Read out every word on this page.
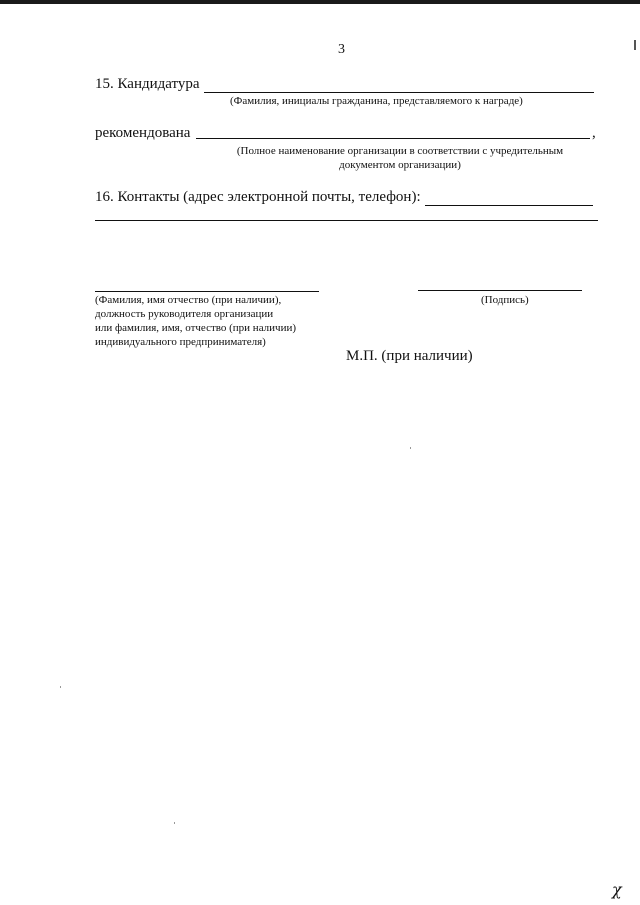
3
15. Кандидатура
(Фамилия, инициалы гражданина, представляемого к награде)
рекомендована	,
(Полное наименование организации в соответствии с учредительным
документом организации)
16. Контакты (адрес электронной почты, телефон):
(Фамилия, имя отчество (при наличии),
должность руководителя организации
или фамилия, имя, отчество (при наличии)
индивидуального предпринимателя)
(Подпись)
М.П. (при наличии)
χ
